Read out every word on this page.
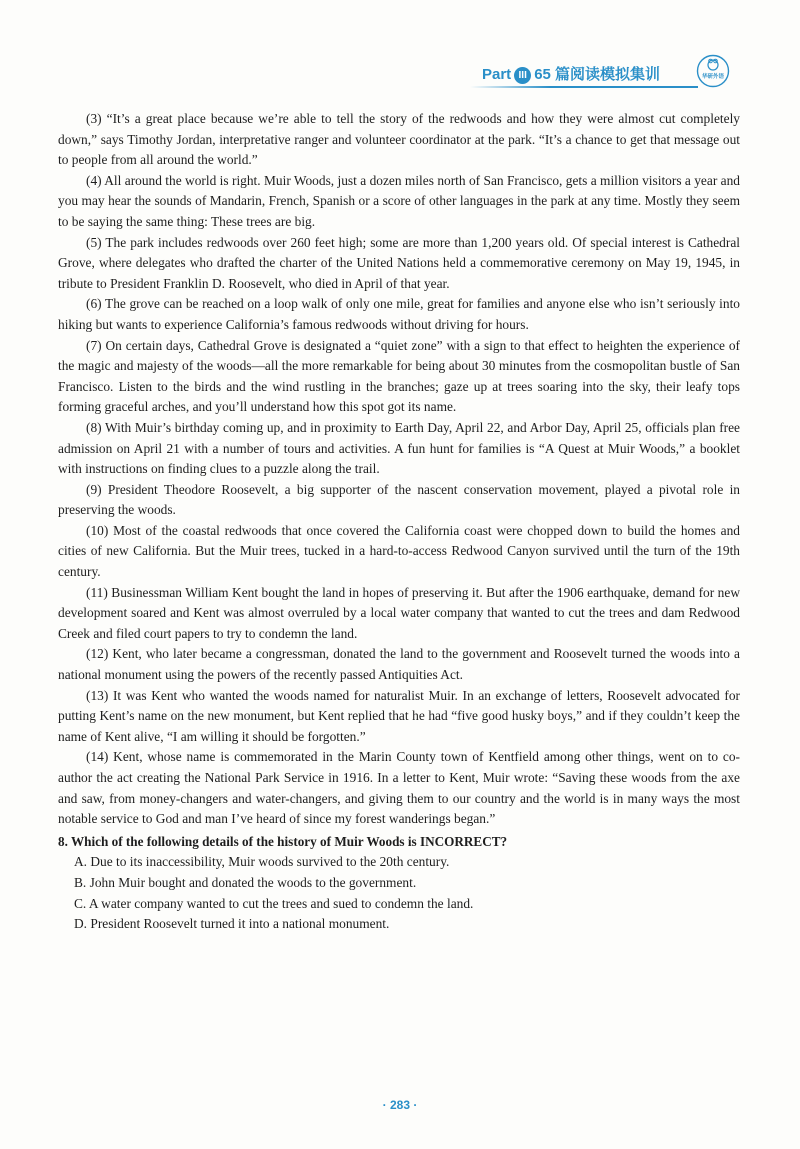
Part III 65 篇阅读模拟集训	华研外语

(3) “It’s a great place because we’re able to tell the story of the redwoods and how they were almost cut completely down,” says Timothy Jordan, interpretative ranger and volunteer coordinator at the park. “It’s a chance to get that message out to people from all around the world.”

(4) All around the world is right. Muir Woods, just a dozen miles north of San Francisco, gets a million visitors a year and you may hear the sounds of Mandarin, French, Spanish or a score of other languages in the park at any time. Mostly they seem to be saying the same thing: These trees are big.

(5) The park includes redwoods over 260 feet high; some are more than 1,200 years old. Of special interest is Cathedral Grove, where delegates who drafted the charter of the United Nations held a commemorative ceremony on May 19, 1945, in tribute to President Franklin D. Roosevelt, who died in April of that year.

(6) The grove can be reached on a loop walk of only one mile, great for families and anyone else who isn’t seriously into hiking but wants to experience California’s famous redwoods without driving for hours.

(7) On certain days, Cathedral Grove is designated a “quiet zone” with a sign to that effect to heighten the experience of the magic and majesty of the woods—all the more remarkable for being about 30 minutes from the cosmopolitan bustle of San Francisco. Listen to the birds and the wind rustling in the branches; gaze up at trees soaring into the sky, their leafy tops forming graceful arches, and you’ll understand how this spot got its name.

(8) With Muir’s birthday coming up, and in proximity to Earth Day, April 22, and Arbor Day, April 25, officials plan free admission on April 21 with a number of tours and activities. A fun hunt for families is “A Quest at Muir Woods,” a booklet with instructions on finding clues to a puzzle along the trail.

(9) President Theodore Roosevelt, a big supporter of the nascent conservation movement, played a pivotal role in preserving the woods.

(10) Most of the coastal redwoods that once covered the California coast were chopped down to build the homes and cities of new California. But the Muir trees, tucked in a hard-to-access Redwood Canyon survived until the turn of the 19th century.

(11) Businessman William Kent bought the land in hopes of preserving it. But after the 1906 earthquake, demand for new development soared and Kent was almost overruled by a local water company that wanted to cut the trees and dam Redwood Creek and filed court papers to try to condemn the land.

(12) Kent, who later became a congressman, donated the land to the government and Roosevelt turned the woods into a national monument using the powers of the recently passed Antiquities Act.

(13) It was Kent who wanted the woods named for naturalist Muir. In an exchange of letters, Roosevelt advocated for putting Kent’s name on the new monument, but Kent replied that he had “five good husky boys,” and if they couldn’t keep the name of Kent alive, “I am willing it should be forgotten.”

(14) Kent, whose name is commemorated in the Marin County town of Kentfield among other things, went on to co-author the act creating the National Park Service in 1916. In a letter to Kent, Muir wrote: “Saving these woods from the axe and saw, from money-changers and water-changers, and giving them to our country and the world is in many ways the most notable service to God and man I’ve heard of since my forest wanderings began.”

8. Which of the following details of the history of Muir Woods is INCORRECT?

A. Due to its inaccessibility, Muir woods survived to the 20th century.

B. John Muir bought and donated the woods to the government.

C. A water company wanted to cut the trees and sued to condemn the land.

D. President Roosevelt turned it into a national monument.

· 283 ·
